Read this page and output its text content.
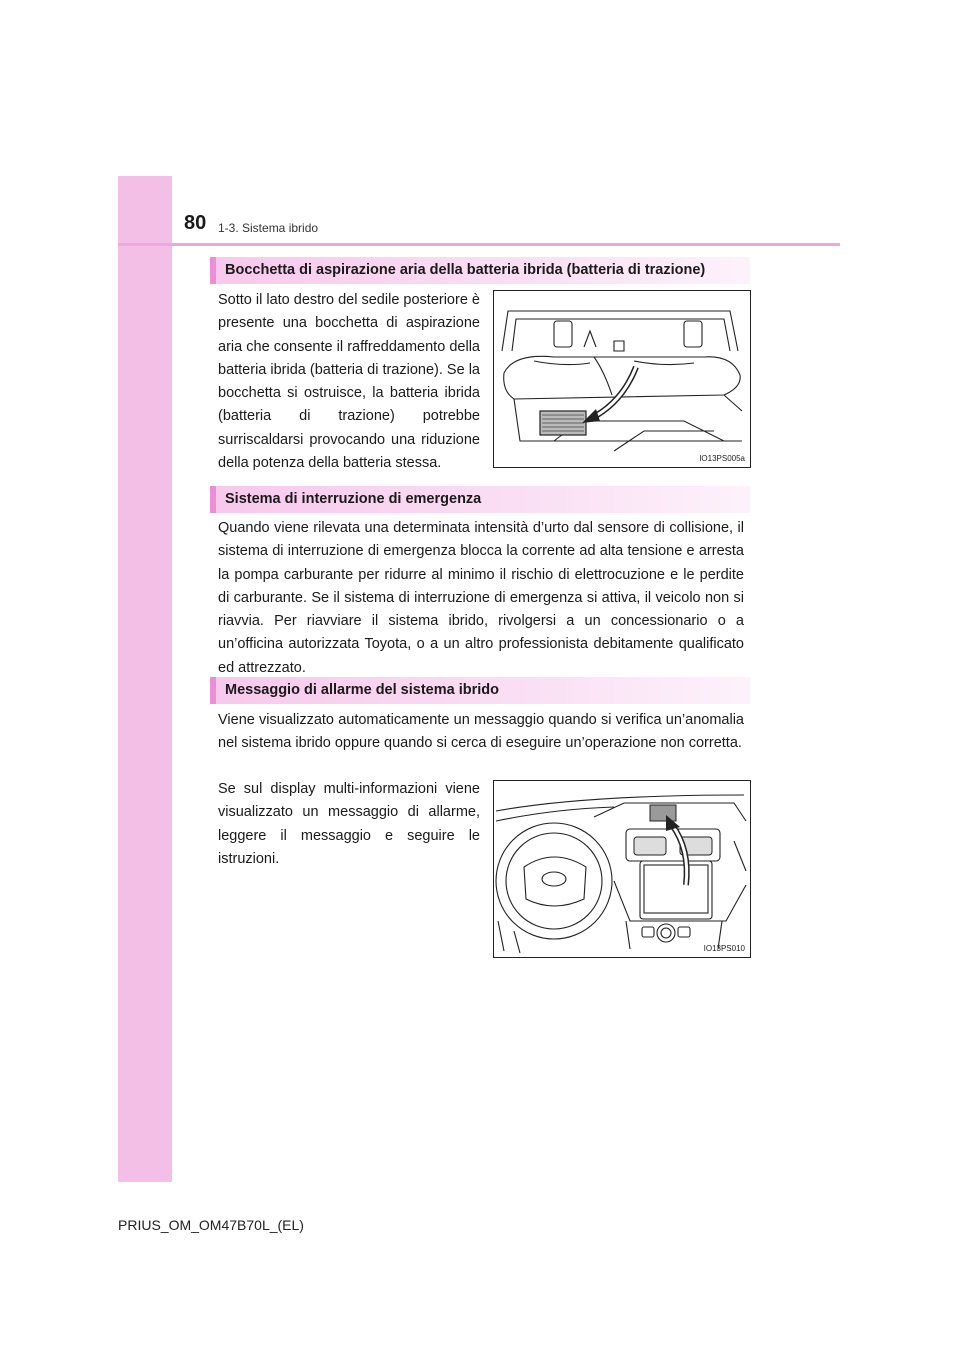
80 1-3. Sistema ibrido
Bocchetta di aspirazione aria della batteria ibrida (batteria di trazione)

Sotto il lato destro del sedile posteriore è presente una bocchetta di aspirazione aria che consente il raffreddamento della batteria ibrida (batteria di trazione). Se la bocchetta si ostruisce, la batteria ibrida (batteria di trazione) potrebbe surriscaldarsi provocando una riduzione della potenza della batteria stessa.	IO13PS005a
Sistema di interruzione di emergenza

Quando viene rilevata una determinata intensità d’urto dal sensore di collisione, il sistema di interruzione di emergenza blocca la corrente ad alta tensione e arresta la pompa carburante per ridurre al minimo il rischio di elettrocuzione e le perdite di carburante. Se il sistema di interruzione di emergenza si attiva, il veicolo non si riavvia. Per riavviare il sistema ibrido, rivolgersi a un concessionario o a un’officina autorizzata Toyota, o a un altro professionista debitamente qualificato ed attrezzato.

Messaggio di allarme del sistema ibrido

Viene visualizzato automaticamente un messaggio quando si verifica un’anomalia nel sistema ibrido oppure quando si cerca di eseguire un’operazione non corretta.

Se sul display multi-informazioni viene visualizzato un messaggio di allarme, leggere il messaggio e seguire le istruzioni.

IO13PS010
PRIUS_OM_OM47B70L_(EL)
